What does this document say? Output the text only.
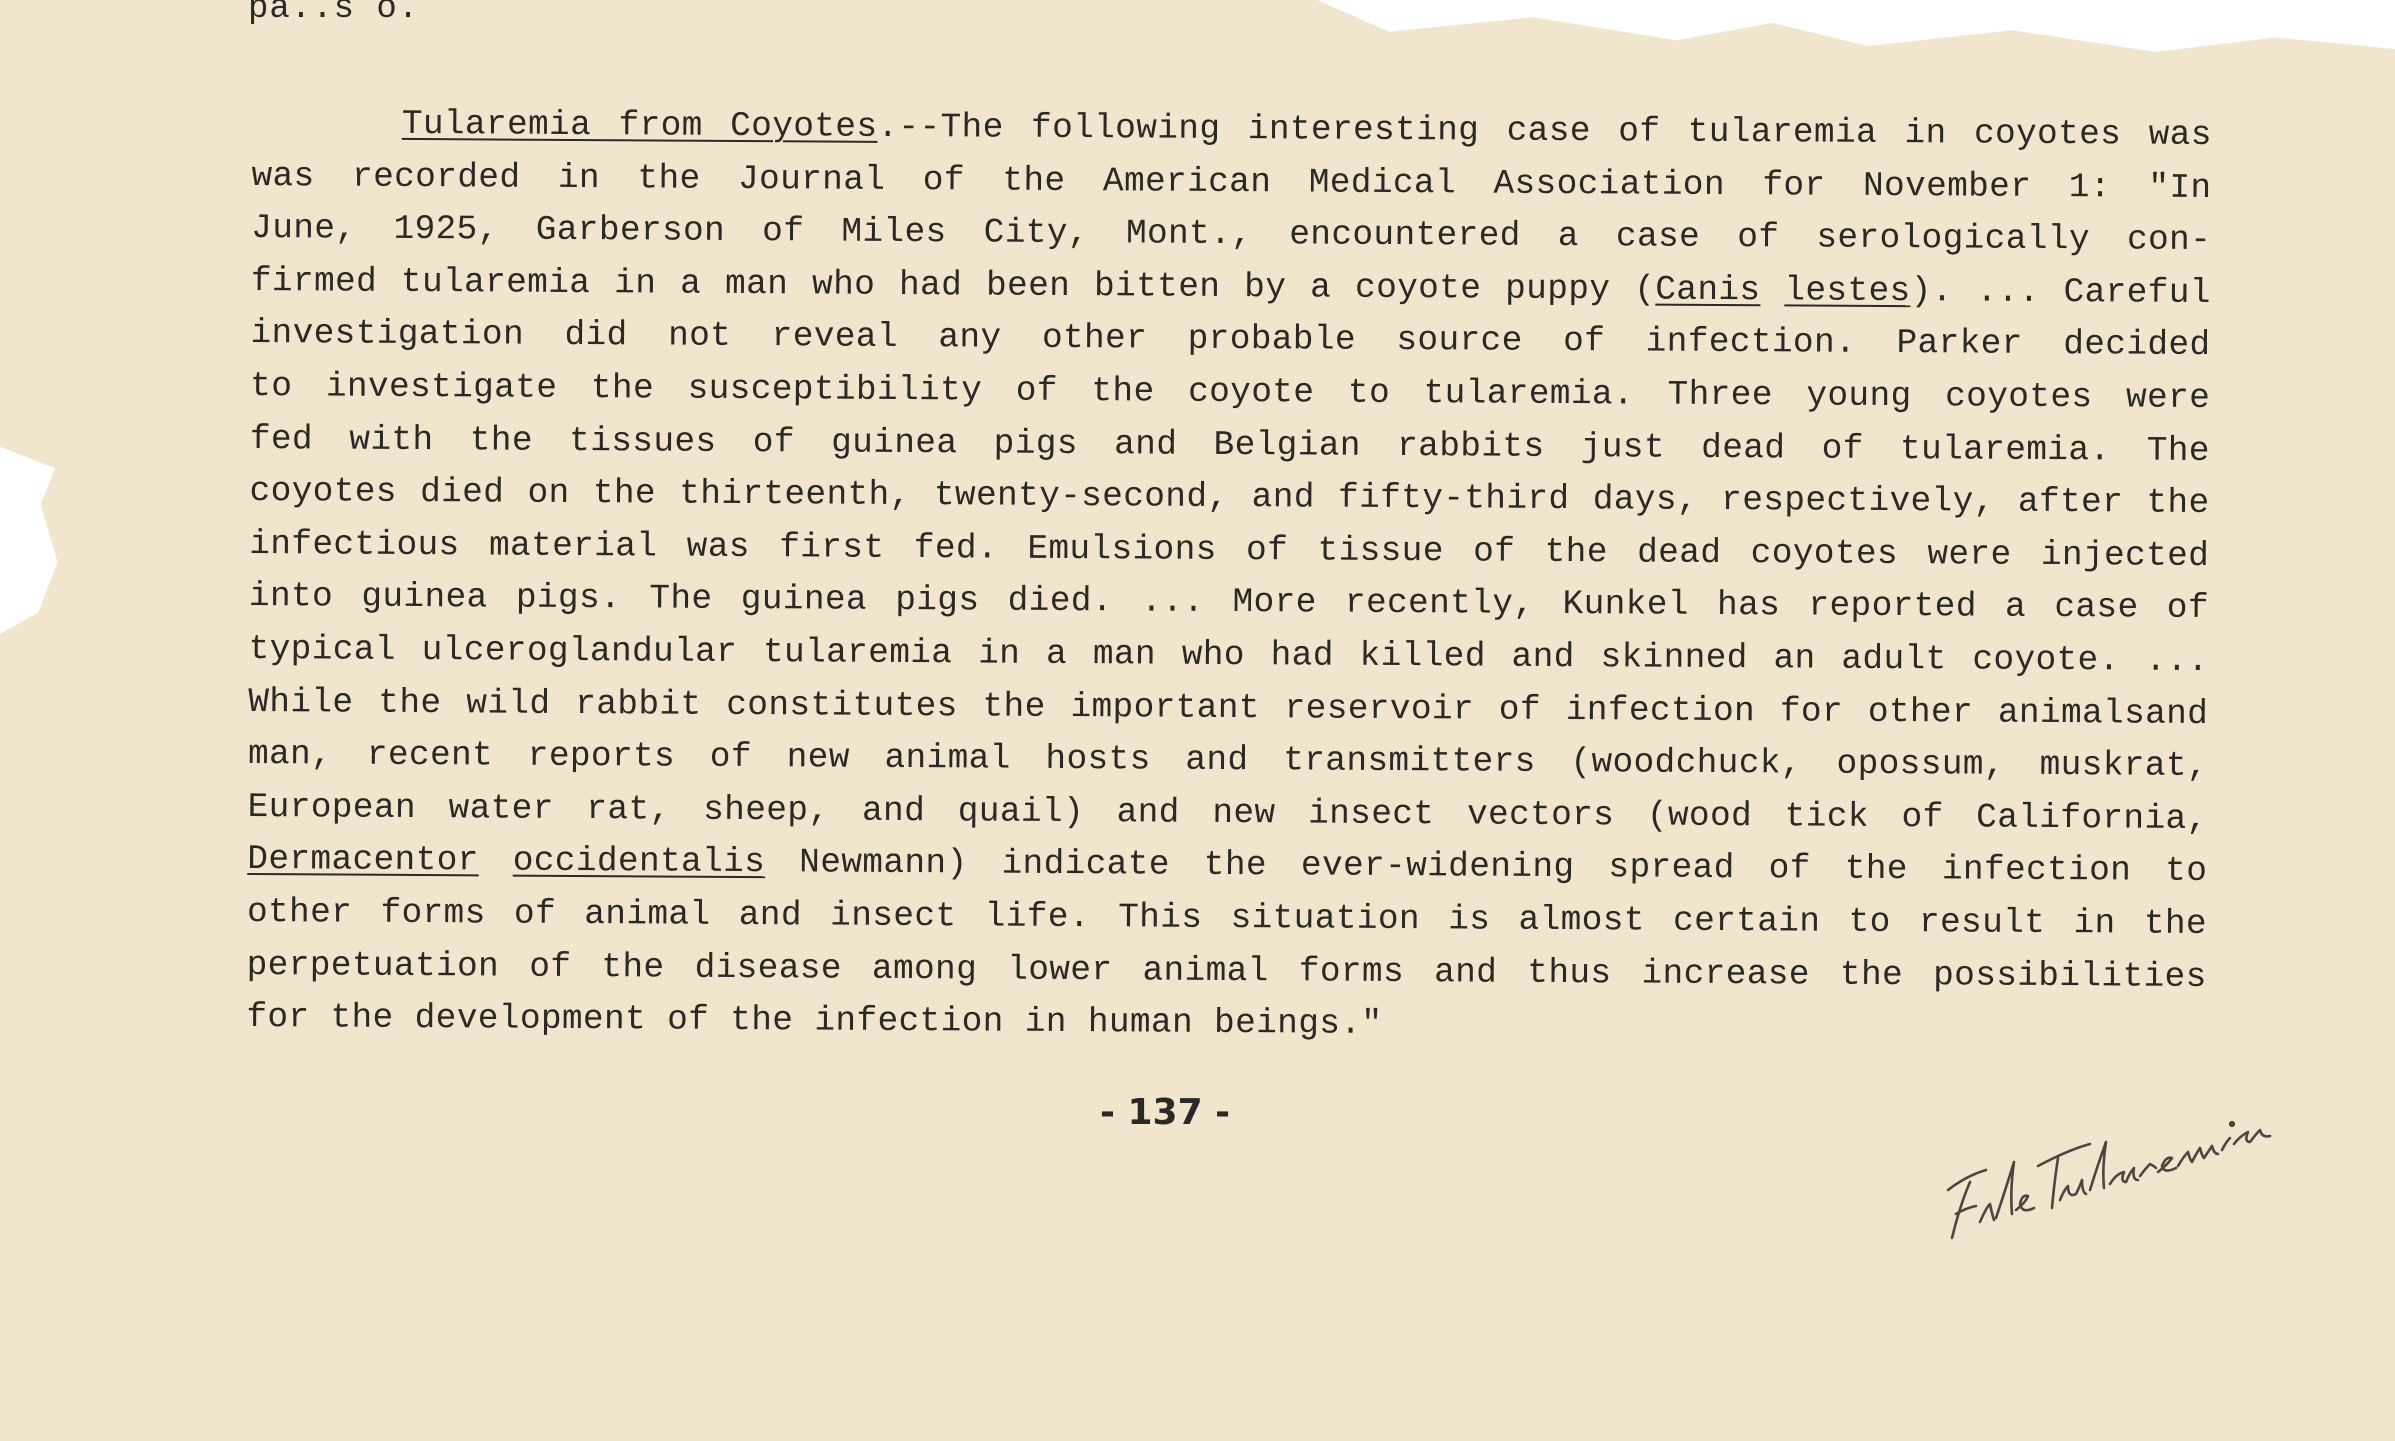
pa..s o.
Tularemia from Coyotes.--The following interesting case of tularemia in coyotes was
was recorded in the Journal of the American Medical Association for November 1: "In
June, 1925, Garberson of Miles City, Mont., encountered a case of serologically con-
firmed tularemia in a man who had been bitten by a coyote puppy (Canis lestes). ... Careful
investigation did not reveal any other probable source of infection. Parker decided
to investigate the susceptibility of the coyote to tularemia. Three young coyotes were
fed with the tissues of guinea pigs and Belgian rabbits just dead of tularemia. The
coyotes died on the thirteenth, twenty-second, and fifty-third days, respectively, after the
infectious material was first fed. Emulsions of tissue of the dead coyotes were injected
into guinea pigs. The guinea pigs died. ... More recently, Kunkel has reported a case of
typical ulceroglandular tularemia in a man who had killed and skinned an adult coyote. ...
While the wild rabbit constitutes the important reservoir of infection for other animalsand
man, recent reports of new animal hosts and transmitters (woodchuck, opossum, muskrat,
European water rat, sheep, and quail) and new insect vectors (wood tick of California,
Dermacentor occidentalis Newmann) indicate the ever-widening spread of the infection to
other forms of animal and insect life. This situation is almost certain to result in the
perpetuation of the disease among lower animal forms and thus increase the possibilities
for the development of the infection in human beings."
- 137 -
